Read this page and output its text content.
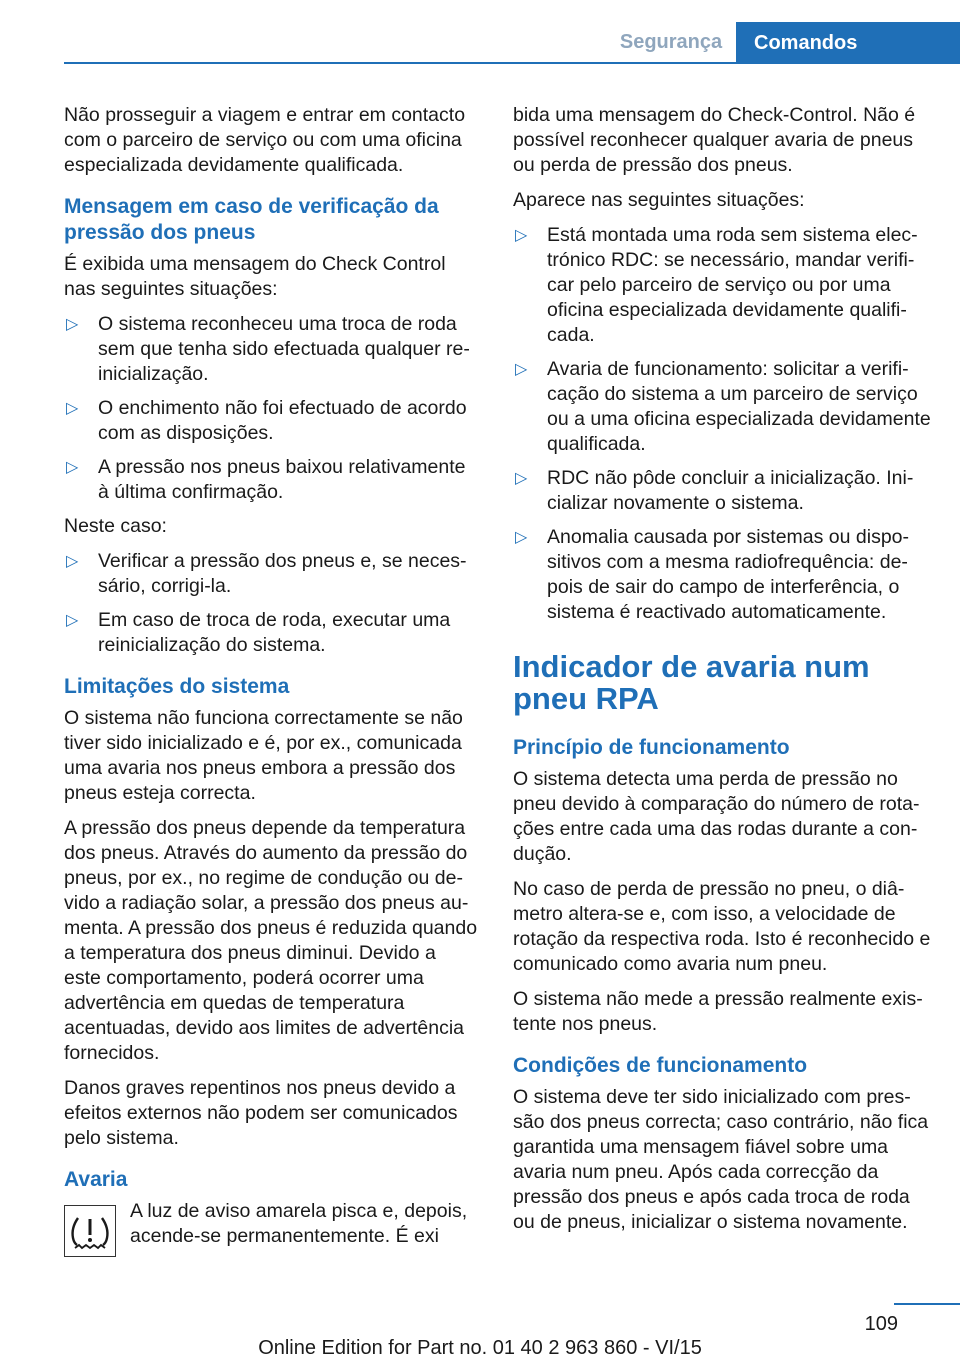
Segurança	Comandos

Não prosseguir a viagem e entrar em contacto com o parceiro de serviço ou com uma oficina especializada devidamente qualificada.

Mensagem em caso de verificação da pressão dos pneus

É exibida uma mensagem do Check Control nas seguintes situações:

▷ O sistema reconheceu uma troca de roda sem que tenha sido efectuada qualquer reinicialização.
▷ O enchimento não foi efectuado de acordo com as disposições.
▷ A pressão nos pneus baixou relativamente à última confirmação.

Neste caso:

▷ Verificar a pressão dos pneus e, se necessário, corrigi-la.
▷ Em caso de troca de roda, executar uma reinicialização do sistema.
Limitações do sistema

O sistema não funciona correctamente se não tiver sido inicializado e é, por ex., comunicada uma avaria nos pneus embora a pressão dos pneus esteja correcta.

A pressão dos pneus depende da temperatura dos pneus. Através do aumento da pressão do pneus, por ex., no regime de condução ou devido a radiação solar, a pressão dos pneus aumenta. A pressão dos pneus é reduzida quando a temperatura dos pneus diminui. Devido a este comportamento, poderá ocorrer uma advertência em quedas de temperatura acentuadas, devido aos limites de advertência fornecidos.

Danos graves repentinos nos pneus devido a efeitos externos não podem ser comunicados pelo sistema.

Avaria

A luz de aviso amarela pisca e, depois, acende-se permanentemente. É exi

bida uma mensagem do Check-Control. Não é possível reconhecer qualquer avaria de pneus ou perda de pressão dos pneus.

Aparece nas seguintes situações:

▷ Está montada uma roda sem sistema electrónico RDC: se necessário, mandar verificar pelo parceiro de serviço ou por uma oficina especializada devidamente qualificada.
▷ Avaria de funcionamento: solicitar a verificação do sistema a um parceiro de serviço ou a uma oficina especializada devidamente qualificada.
▷ RDC não pôde concluir a inicialização. Inicializar novamente o sistema.
▷ Anomalia causada por sistemas ou dispositivos com a mesma radiofrequência: depois de sair do campo de interferência, o sistema é reactivado automaticamente.
Indicador de avaria num pneu RPA
Princípio de funcionamento

O sistema detecta uma perda de pressão no pneu devido à comparação do número de rotações entre cada uma das rodas durante a condução.

No caso de perda de pressão no pneu, o diâmetro altera-se e, com isso, a velocidade de rotação da respectiva roda. Isto é reconhecido e comunicado como avaria num pneu.

O sistema não mede a pressão realmente existente nos pneus.

Condições de funcionamento

O sistema deve ter sido inicializado com pressão dos pneus correcta; caso contrário, não fica garantida uma mensagem fiável sobre uma avaria num pneu. Após cada correcção da pressão dos pneus e após cada troca de roda ou de pneus, inicializar o sistema novamente.

109
Online Edition for Part no. 01 40 2 963 860 - VI/15
